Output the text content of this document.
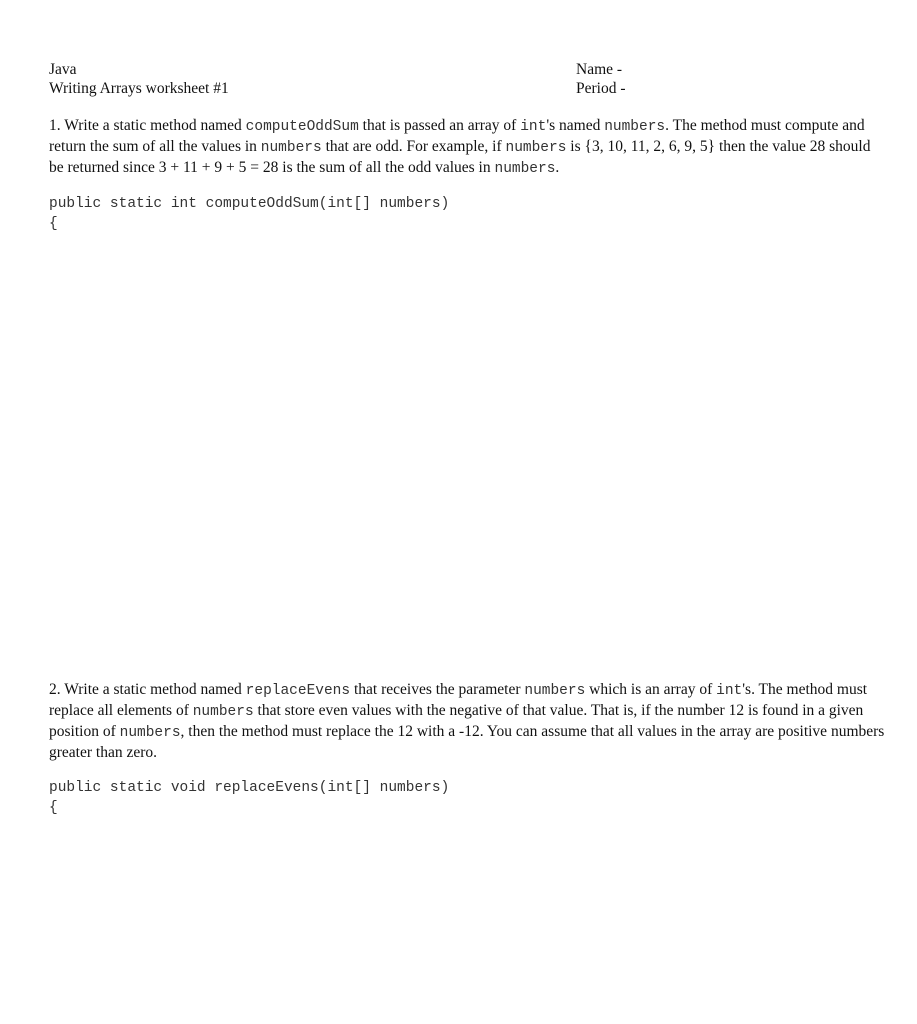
Java
Writing Arrays worksheet #1
Name -
Period -
1. Write a static method named computeOddSum that is passed an array of int's named numbers. The method must compute and return the sum of all the values in numbers that are odd. For example, if numbers is {3, 10, 11, 2, 6, 9, 5} then the value 28 should be returned since 3 + 11 + 9 + 5 = 28 is the sum of all the odd values in numbers.
public static int computeOddSum(int[] numbers)
{
2. Write a static method named replaceEvens that receives the parameter numbers which is an array of int's. The method must replace all elements of numbers that store even values with the negative of that value. That is, if the number 12 is found in a given position of numbers, then the method must replace the 12 with a -12. You can assume that all values in the array are positive numbers greater than zero.
public static void replaceEvens(int[] numbers)
{
